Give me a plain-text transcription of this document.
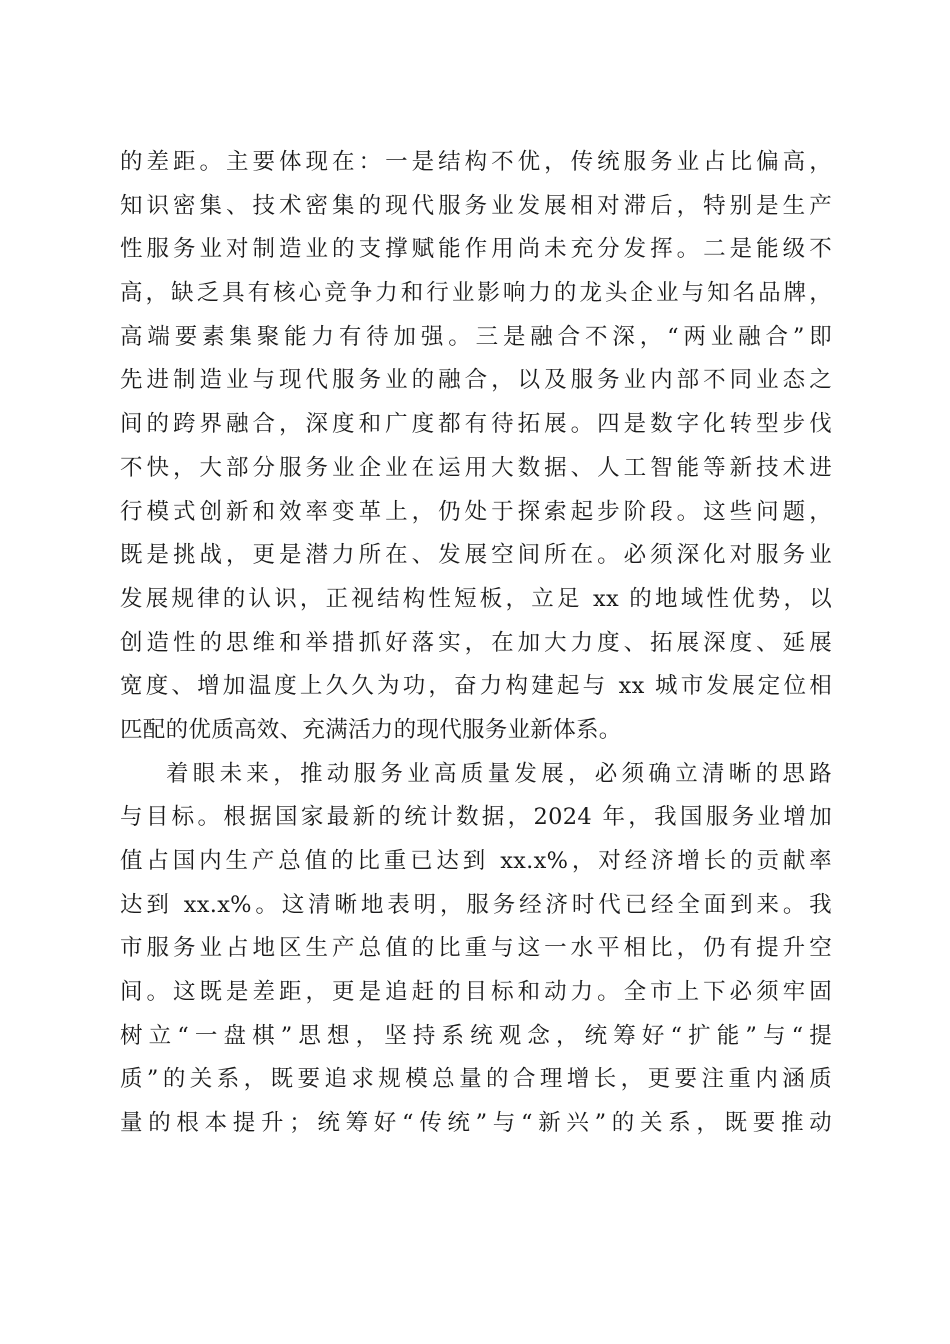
的差距。主要体现在：一是结构不优，传统服务业占比偏高，
知识密集、技术密集的现代服务业发展相对滞后，特别是生产
性服务业对制造业的支撑赋能作用尚未充分发挥。二是能级不
高，缺乏具有核心竞争力和行业影响力的龙头企业与知名品牌，
高端要素集聚能力有待加强。三是融合不深，“两业融合”即
先进制造业与现代服务业的融合，以及服务业内部不同业态之
间的跨界融合，深度和广度都有待拓展。四是数字化转型步伐
不快，大部分服务业企业在运用大数据、人工智能等新技术进
行模式创新和效率变革上，仍处于探索起步阶段。这些问题，
既是挑战，更是潜力所在、发展空间所在。必须深化对服务业
发展规律的认识，正视结构性短板，立足 xx 的地域性优势，以
创造性的思维和举措抓好落实，在加大力度、拓展深度、延展
宽度、增加温度上久久为功，奋力构建起与 xx 城市发展定位相
匹配的优质高效、充满活力的现代服务业新体系。
着眼未来，推动服务业高质量发展，必须确立清晰的思路
与目标。根据国家最新的统计数据，2024 年，我国服务业增加
值占国内生产总值的比重已达到 xx.x%，对经济增长的贡献率
达到 xx.x%。这清晰地表明，服务经济时代已经全面到来。我
市服务业占地区生产总值的比重与这一水平相比，仍有提升空
间。这既是差距，更是追赶的目标和动力。全市上下必须牢固
树立“一盘棋”思想，坚持系统观念，统筹好“扩能”与“提
质”的关系，既要追求规模总量的合理增长，更要注重内涵质
量的根本提升；统筹好“传统”与“新兴”的关系，既要推动
